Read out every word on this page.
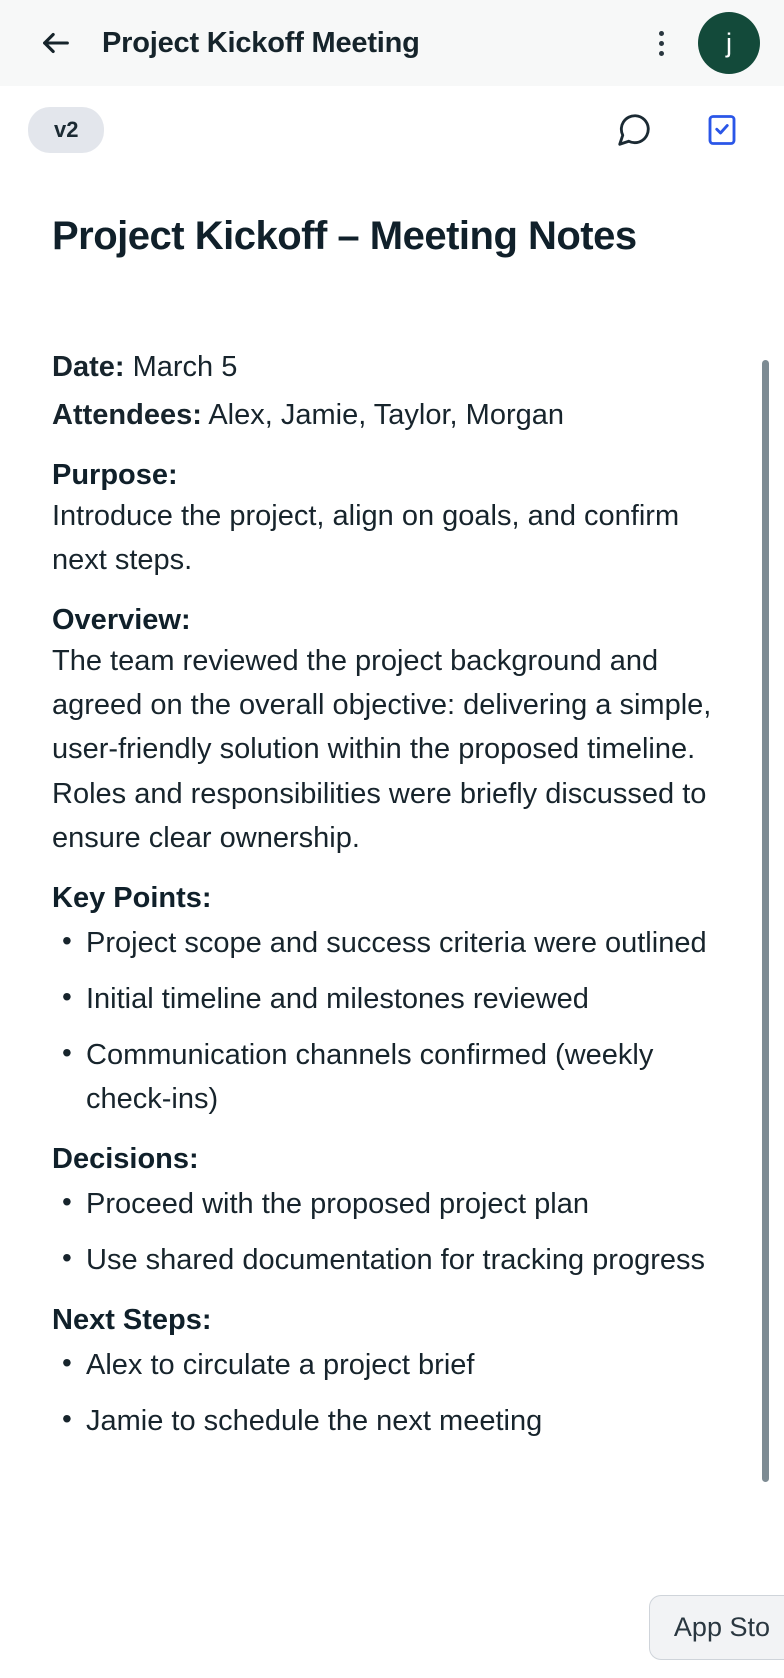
Project Kickoff Meeting	j
v2
Project Kickoff – Meeting Notes
Date: March 5
Attendees: Alex, Jamie, Taylor, Morgan
Purpose:
Introduce the project, align on goals, and confirm next steps.
Overview:
The team reviewed the project background and agreed on the overall objective: delivering a simple, user-friendly solution within the proposed timeline. Roles and responsibilities were briefly discussed to ensure clear ownership.
Key Points:
• Project scope and success criteria were outlined
• Initial timeline and milestones reviewed
• Communication channels confirmed (weekly check-ins)
Decisions:
• Proceed with the proposed project plan
• Use shared documentation for tracking progress
Next Steps:
• Alex to circulate a project brief
• Jamie to schedule the next meeting
App Sto
